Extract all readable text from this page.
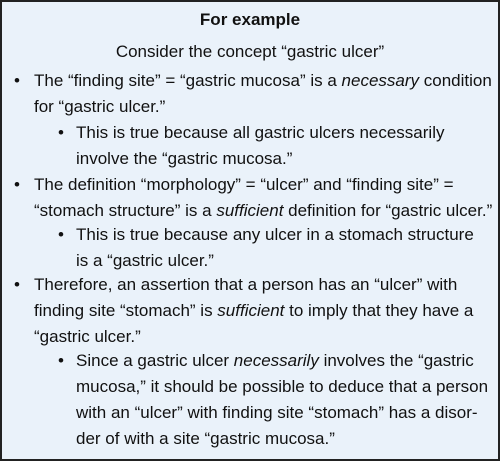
For example
Consider the concept “gastric ulcer”
• The “finding site” = “gastric mucosa” is a necessary condition
for “gastric ulcer.”
• This is true because all gastric ulcers necessarily
involve the “gastric mucosa.”
• The definition “morphology” = “ulcer” and “finding site” =
“stomach structure” is a sufficient definition for “gastric ulcer.”
• This is true because any ulcer in a stomach structure
is a “gastric ulcer.”
• Therefore, an assertion that a person has an “ulcer” with
finding site “stomach” is sufficient to imply that they have a
“gastric ulcer.”
• Since a gastric ulcer necessarily involves the “gastric
mucosa,” it should be possible to deduce that a person
with an “ulcer” with finding site “stomach” has a disor-
der of with a site “gastric mucosa.”
